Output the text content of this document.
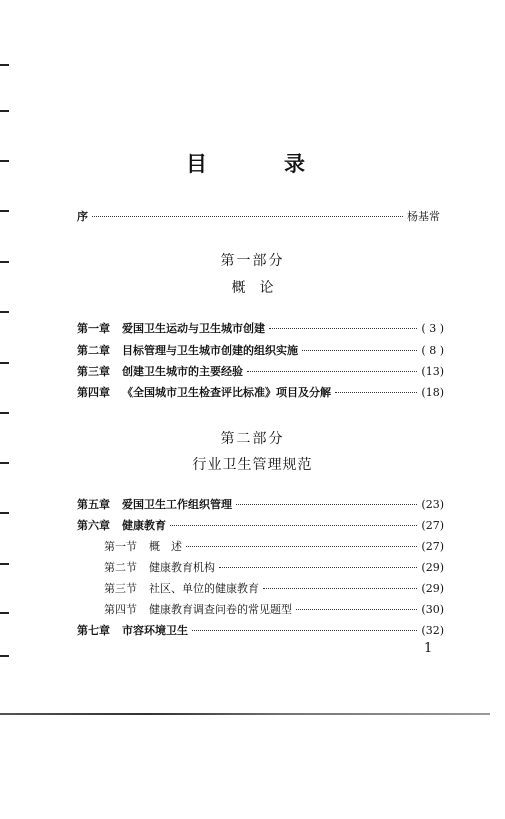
目　录
序	杨基常
第一部分
概　论
第一章 爱国卫生运动与卫生城市创建	( 3 )
第二章 目标管理与卫生城市创建的组织实施	( 8 )
第三章 创建卫生城市的主要经验	(13)
第四章 《全国城市卫生检查评比标准》项目及分解	(18)
第二部分
行业卫生管理规范
第五章 爱国卫生工作组织管理	(23)
第六章 健康教育	(27)
第一节 概　述	(27)
第二节 健康教育机构	(29)
第三节 社区、单位的健康教育	(29)
第四节 健康教育调查问卷的常见题型	(30)
第七章 市容环境卫生	(32)
1
